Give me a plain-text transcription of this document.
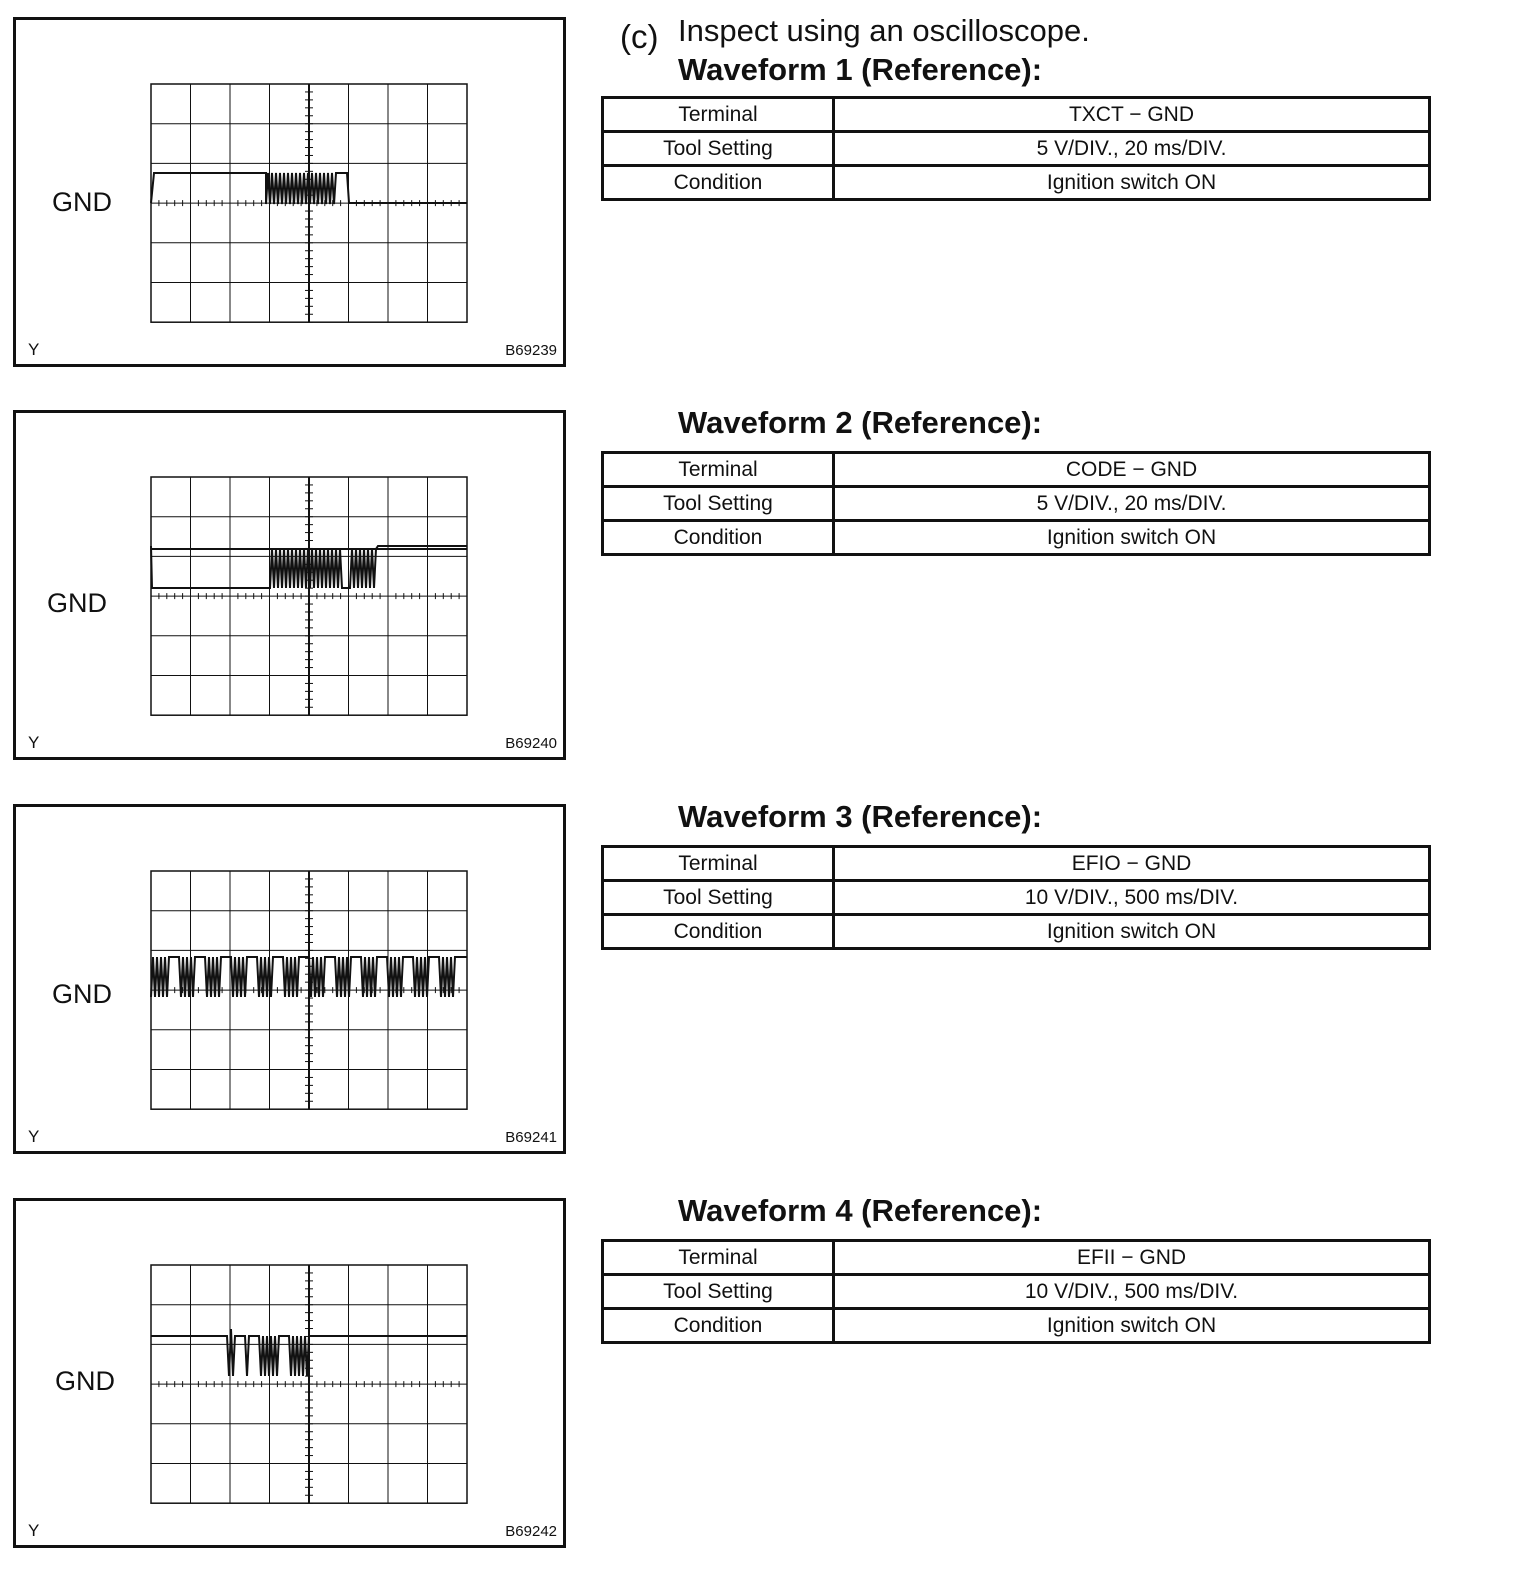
GND
Y	B69239
GND
Y	B69240
GND
Y	B69241
GND
Y	B69242
(c) Inspect using an oscilloscope.
Waveform 1 (Reference):
Terminal	TXCT − GND
Tool Setting	5 V/DIV., 20 ms/DIV.
Condition	Ignition switch ON
Waveform 2 (Reference):
Terminal	CODE − GND
Tool Setting	5 V/DIV., 20 ms/DIV.
Condition	Ignition switch ON
Waveform 3 (Reference):
Terminal	EFIO − GND
Tool Setting	10 V/DIV., 500 ms/DIV.
Condition	Ignition switch ON
Waveform 4 (Reference):
Terminal	EFII − GND
Tool Setting	10 V/DIV., 500 ms/DIV.
Condition	Ignition switch ON
